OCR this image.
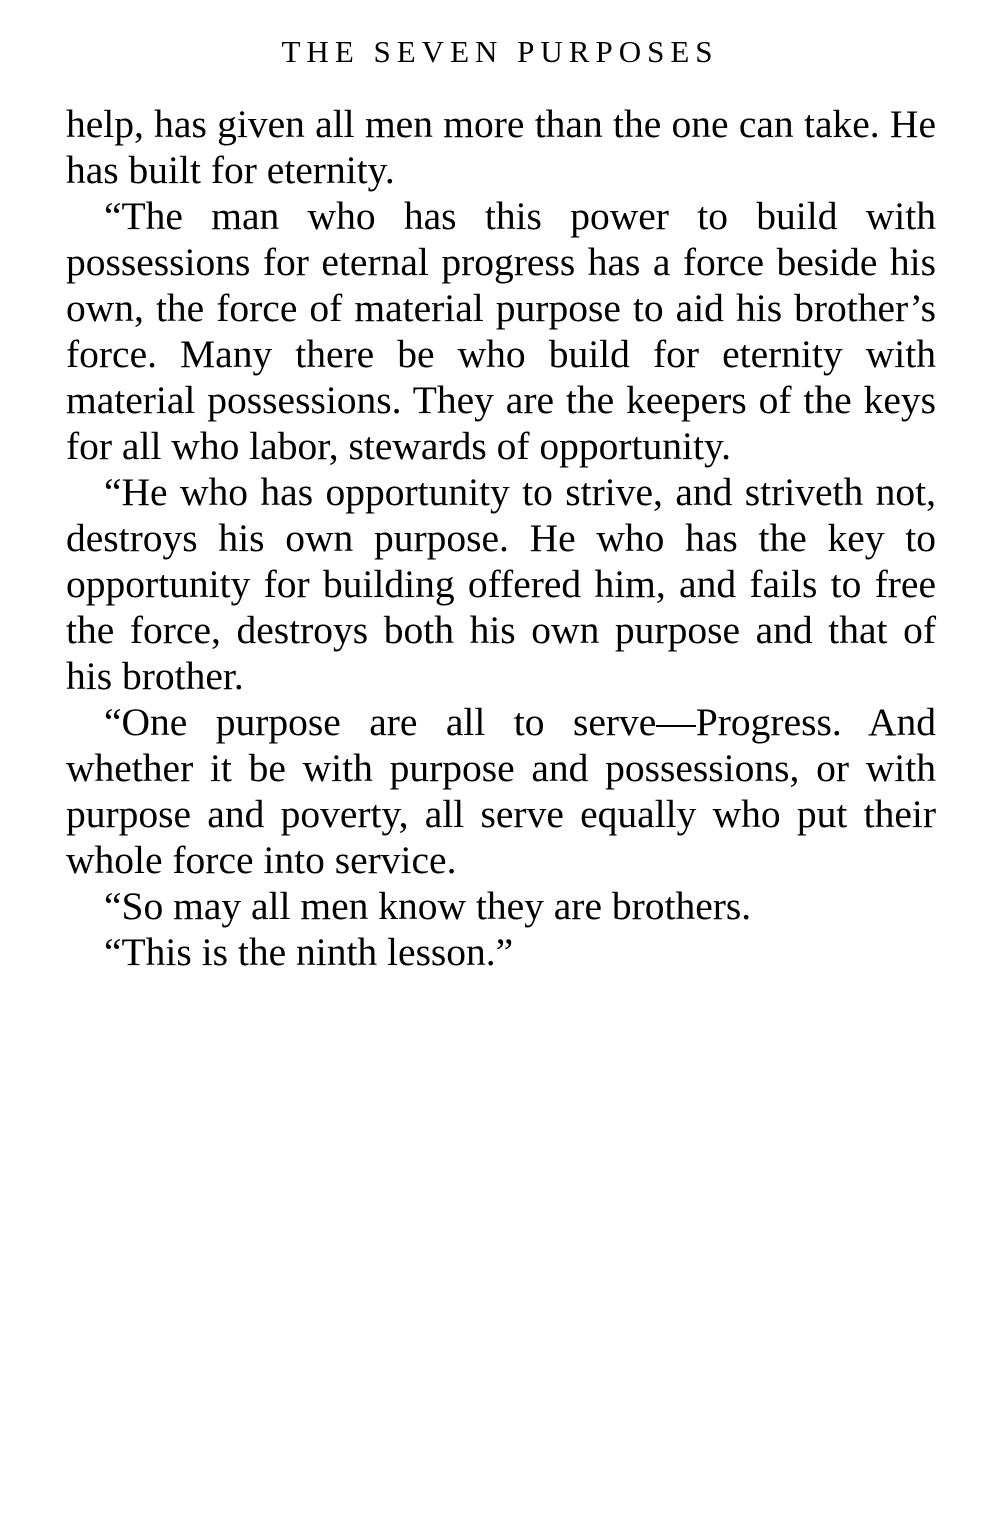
THE SEVEN PURPOSES

help, has given all men more than the one can take. He has built for eternity.

“The man who has this power to build with possessions for eternal progress has a force beside his own, the force of material purpose to aid his brother’s force. Many there be who build for eternity with material possessions. They are the keepers of the keys for all who labor, stewards of opportunity.

“He who has opportunity to strive, and striveth not, destroys his own purpose. He who has the key to opportunity for building offered him, and fails to free the force, destroys both his own purpose and that of his brother.

“One purpose are all to serve—Progress. And whether it be with purpose and possessions, or with purpose and poverty, all serve equally who put their whole force into service.

“So may all men know they are brothers.

“This is the ninth lesson.”
